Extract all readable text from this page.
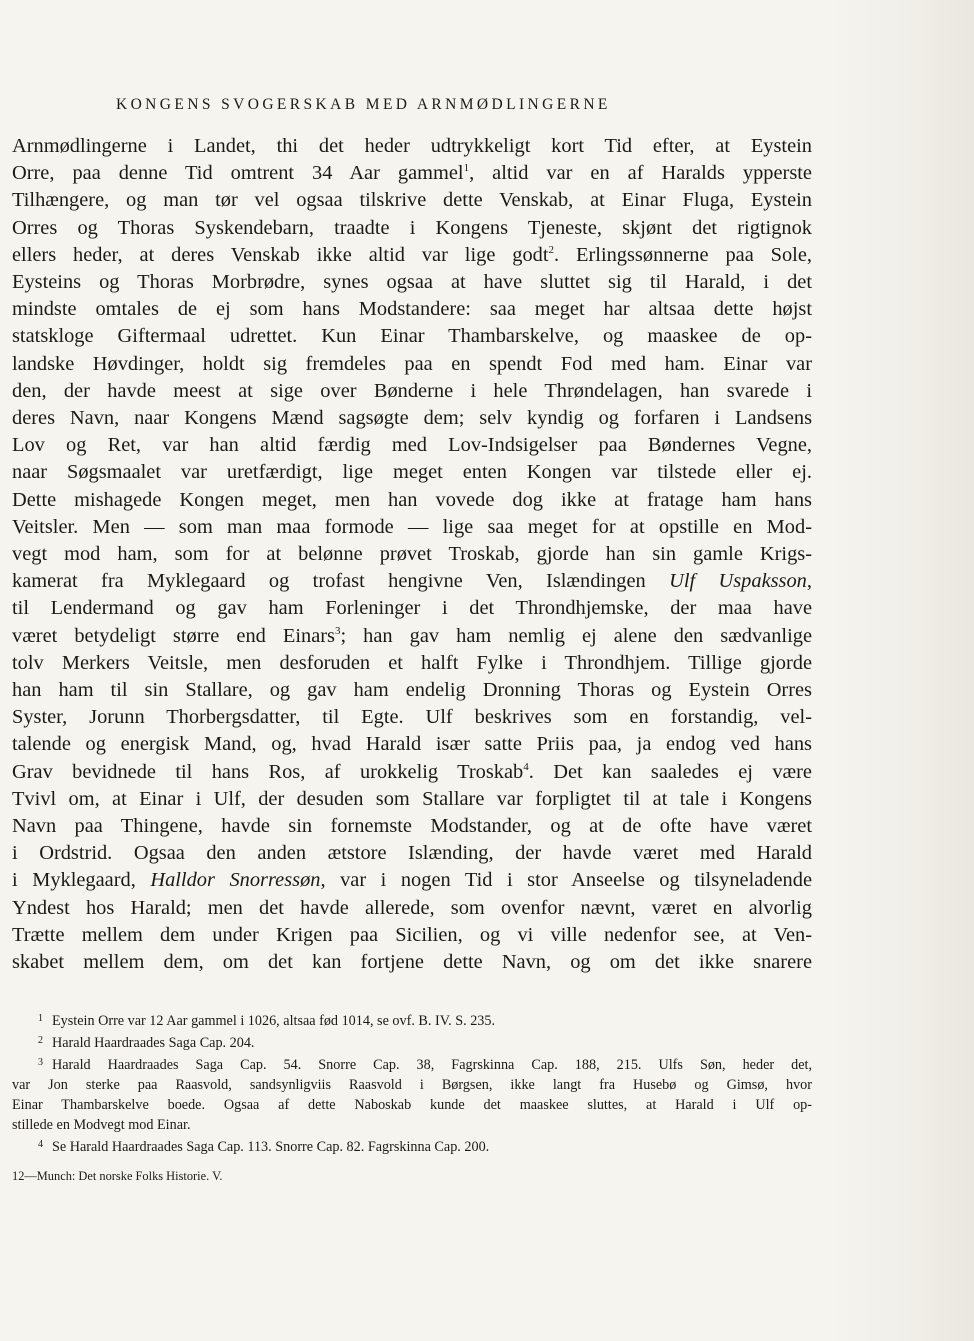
KONGENS SVOGERSKAB MED ARNMØDLINGERNE
Arnmødlingerne i Landet, thi det heder udtrykkeligt kort Tid efter, at Eystein
Orre, paa denne Tid omtrent 34 Aar gammel$^1$, altid var en af Haralds ypperste
Tilhængere, og man tør vel ogsaa tilskrive dette Venskab, at Einar Fluga, Eystein
Orres og Thoras Syskendebarn, traadte i Kongens Tjeneste, skjønt det rigtignok
ellers heder, at deres Venskab ikke altid var lige godt$^2$. Erlingssønnerne paa Sole,
Eysteins og Thoras Morbrødre, synes ogsaa at have sluttet sig til Harald, i det
mindste omtales de ej som hans Modstandere: saa meget har altsaa dette højst
statskloge Giftermaal udrettet. Kun Einar Thambarskelve, og maaskee de op-
landske Høvdinger, holdt sig fremdeles paa en spendt Fod med ham. Einar var
den, der havde meest at sige over Bønderne i hele Thrøndelagen, han svarede i
deres Navn, naar Kongens Mænd sagsøgte dem; selv kyndig og forfaren i Landsens
Lov og Ret, var han altid færdig med Lov-Indsigelser paa Bøndernes Vegne,
naar Søgsmaalet var uretfærdigt, lige meget enten Kongen var tilstede eller ej.
Dette mishagede Kongen meget, men han vovede dog ikke at fratage ham hans
Veitsler. Men — som man maa formode — lige saa meget for at opstille en Mod-
vegt mod ham, som for at belønne prøvet Troskab, gjorde han sin gamle Krigs-
kamerat fra Myklegaard og trofast hengivne Ven, Islændingen Ulf Uspaksson,
til Lendermand og gav ham Forleninger i det Throndhjemske, der maa have
været betydeligt større end Einars$^3$; han gav ham nemlig ej alene den sædvanlige
tolv Merkers Veitsle, men desforuden et halft Fylke i Throndhjem. Tillige gjorde
han ham til sin Stallare, og gav ham endelig Dronning Thoras og Eystein Orres
Syster, Jorunn Thorbergsdatter, til Egte. Ulf beskrives som en forstandig, vel-
talende og energisk Mand, og, hvad Harald især satte Priis paa, ja endog ved hans
Grav bevidnede til hans Ros, af urokkelig Troskab$^4$. Det kan saaledes ej være
Tvivl om, at Einar i Ulf, der desuden som Stallare var forpligtet til at tale i Kongens
Navn paa Thingene, havde sin fornemste Modstander, og at de ofte have været
i Ordstrid. Ogsaa den anden ætstore Islænding, der havde været med Harald
i Myklegaard, Halldor Snorressøn, var i nogen Tid i stor Anseelse og tilsyneladende
Yndest hos Harald; men det havde allerede, som ovenfor nævnt, været en alvorlig
Trætte mellem dem under Krigen paa Sicilien, og vi ville nedenfor see, at Ven-
skabet mellem dem, om det kan fortjene dette Navn, og om det ikke snarere
1 Eystein Orre var 12 Aar gammel i 1026, altsaa fød 1014, se ovf. B. IV. S. 235.
2 Harald Haardraades Saga Cap. 204.
3 Harald Haardraades Saga Cap. 54. Snorre Cap. 38, Fagrskinna Cap. 188, 215. Ulfs Søn, heder det,
var Jon sterke paa Raasvold, sandsynligviis Raasvold i Børgsen, ikke langt fra Husebø og Gimsø, hvor
Einar Thambarskelve boede. Ogsaa af dette Naboskab kunde det maaskee sluttes, at Harald i Ulf op-
stillede en Modvegt mod Einar.
4 Se Harald Haardraades Saga Cap. 113. Snorre Cap. 82. Fagrskinna Cap. 200.
12—Munch: Det norske Folks Historie. V.
